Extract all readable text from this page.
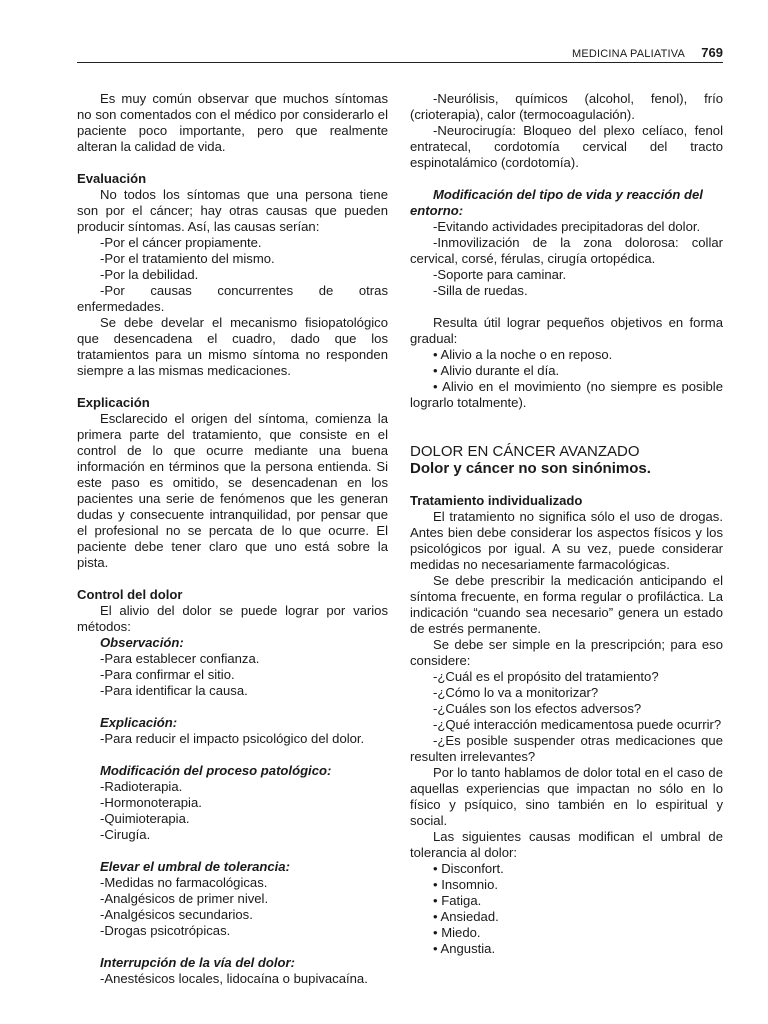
MEDICINA PALIATIVA 769

Es muy común observar que muchos síntomas no son comentados con el médico por considerarlo el paciente poco importante, pero que realmente alteran la calidad de vida.

Evaluación

No todos los síntomas que una persona tiene son por el cáncer; hay otras causas que pueden producir síntomas. Así, las causas serían:

-Por el cáncer propiamente.

-Por el tratamiento del mismo.

-Por la debilidad.

-Por causas concurrentes de otras enfermedades.

Se debe develar el mecanismo fisiopatológico que desencadena el cuadro, dado que los tratamientos para un mismo síntoma no responden siempre a las mismas medicaciones.

Explicación

Esclarecido el origen del síntoma, comienza la primera parte del tratamiento, que consiste en el control de lo que ocurre mediante una buena información en términos que la persona entienda. Si este paso es omitido, se desencadenan en los pacientes una serie de fenómenos que les generan dudas y consecuente intranquilidad, por pensar que el profesional no se percata de lo que ocurre. El paciente debe tener claro que uno está sobre la pista.

Control del dolor

El alivio del dolor se puede lograr por varios métodos:

Observación:

-Para establecer confianza.

-Para confirmar el sitio.

-Para identificar la causa.

Explicación:

-Para reducir el impacto psicológico del dolor.

Modificación del proceso patológico:

-Radioterapia.

-Hormonoterapia.

-Quimioterapia.

-Cirugía.

Elevar el umbral de tolerancia:

-Medidas no farmacológicas.

-Analgésicos de primer nivel.

-Analgésicos secundarios.

-Drogas psicotrópicas.

Interrupción de la vía del dolor:

-Anestésicos locales, lidocaína o bupivacaína.

-Neurólisis, químicos (alcohol, fenol), frío (crioterapia), calor (termocoagulación).

-Neurocirugía: Bloqueo del plexo celíaco, fenol entratecal, cordotomía cervical del tracto espinotalámico (cordotomía).

Modificación del tipo de vida y reacción del entorno:

-Evitando actividades precipitadoras del dolor.

-Inmovilización de la zona dolorosa: collar cervical, corsé, férulas, cirugía ortopédica.

-Soporte para caminar.

-Silla de ruedas.

Resulta útil lograr pequeños objetivos en forma gradual:

• Alivio a la noche o en reposo.

• Alivio durante el día.

• Alivio en el movimiento (no siempre es posible lograrlo totalmente).

DOLOR EN CÁNCER AVANZADO

Dolor y cáncer no son sinónimos.

Tratamiento individualizado

El tratamiento no significa sólo el uso de drogas. Antes bien debe considerar los aspectos físicos y los psicológicos por igual. A su vez, puede considerar medidas no necesariamente farmacológicas.

Se debe prescribir la medicación anticipando el síntoma frecuente, en forma regular o profiláctica. La indicación “cuando sea necesario” genera un estado de estrés permanente.

Se debe ser simple en la prescripción; para eso considere:

-¿Cuál es el propósito del tratamiento?

-¿Cómo lo va a monitorizar?

-¿Cuáles son los efectos adversos?

-¿Qué interacción medicamentosa puede ocurrir?

-¿Es posible suspender otras medicaciones que resulten irrelevantes?

Por lo tanto hablamos de dolor total en el caso de aquellas experiencias que impactan no sólo en lo físico y psíquico, sino también en lo espiritual y social.

Las siguientes causas modifican el umbral de tolerancia al dolor:

• Disconfort.

• Insomnio.

• Fatiga.

• Ansiedad.

• Miedo.

• Angustia.
